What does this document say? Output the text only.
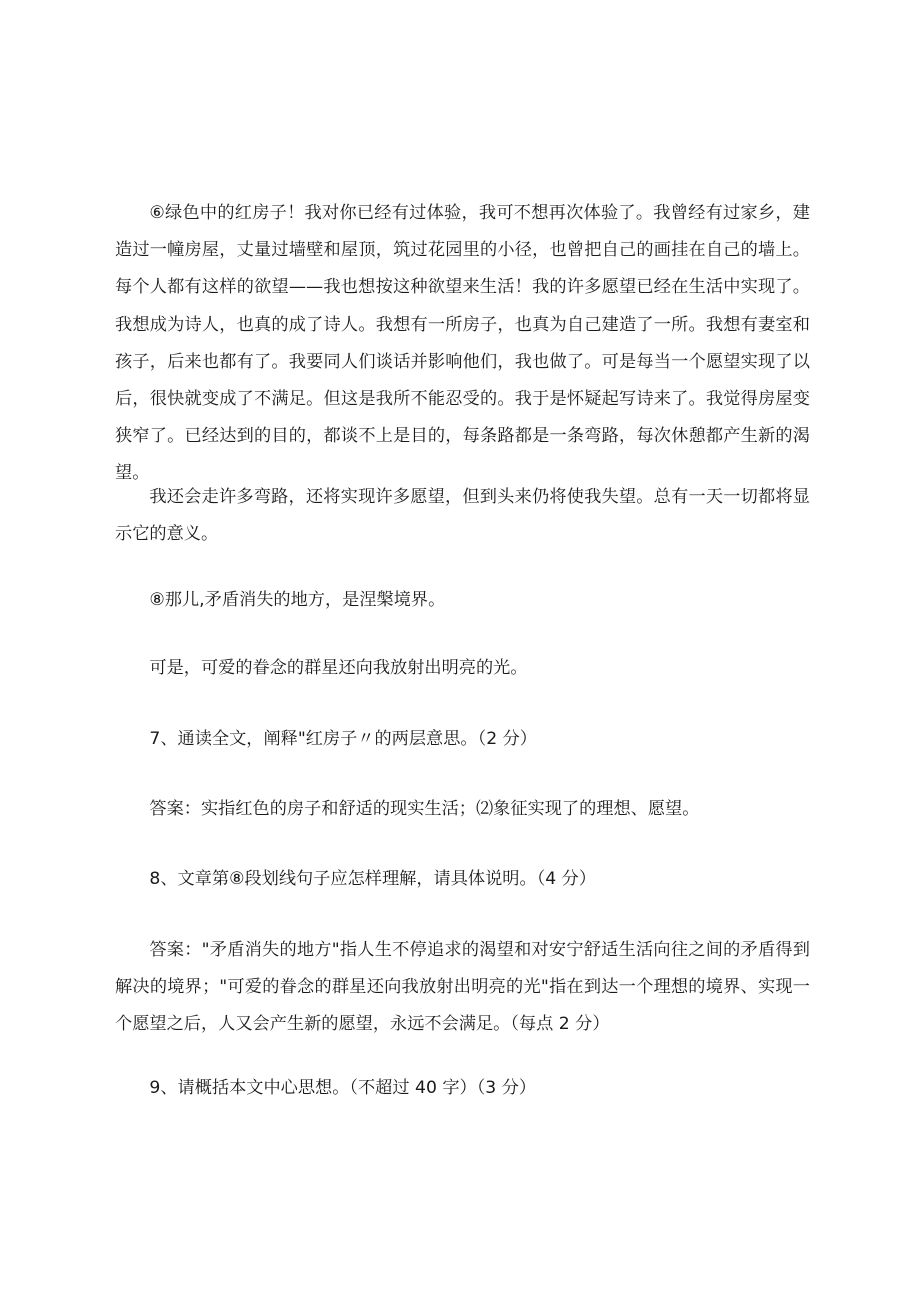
⑥绿色中的红房子！我对你已经有过体验，我可不想再次体验了。我曾经有过家乡，建造过一幢房屋，丈量过墙壁和屋顶，筑过花园里的小径，也曾把自己的画挂在自己的墙上。每个人都有这样的欲望——我也想按这种欲望来生活！我的许多愿望已经在生活中实现了。我想成为诗人，也真的成了诗人。我想有一所房子，也真为自己建造了一所。我想有妻室和孩子，后来也都有了。我要同人们谈话并影响他们，我也做了。可是每当一个愿望实现了以后，很快就变成了不满足。但这是我所不能忍受的。我于是怀疑起写诗来了。我觉得房屋变狭窄了。已经达到的目的，都谈不上是目的，每条路都是一条弯路，每次休憩都产生新的渴望。

我还会走许多弯路，还将实现许多愿望，但到头来仍将使我失望。总有一天一切都将显示它的意义。

⑧那儿,矛盾消失的地方，是涅槃境界。

可是，可爱的眷念的群星还向我放射出明亮的光。

7、通读全文，阐释"红房子〃的两层意思。（2 分）

答案：实指红色的房子和舒适的现实生活；⑵象征实现了的理想、愿望。

8、文章第⑧段划线句子应怎样理解，请具体说明。（4 分）

答案："矛盾消失的地方"指人生不停追求的渴望和对安宁舒适生活向往之间的矛盾得到解决的境界；"可爱的眷念的群星还向我放射出明亮的光"指在到达一个理想的境界、实现一个愿望之后，人又会产生新的愿望，永远不会满足。（每点 2 分）

9、请概括本文中心思想。（不超过 40 字）（3 分）
